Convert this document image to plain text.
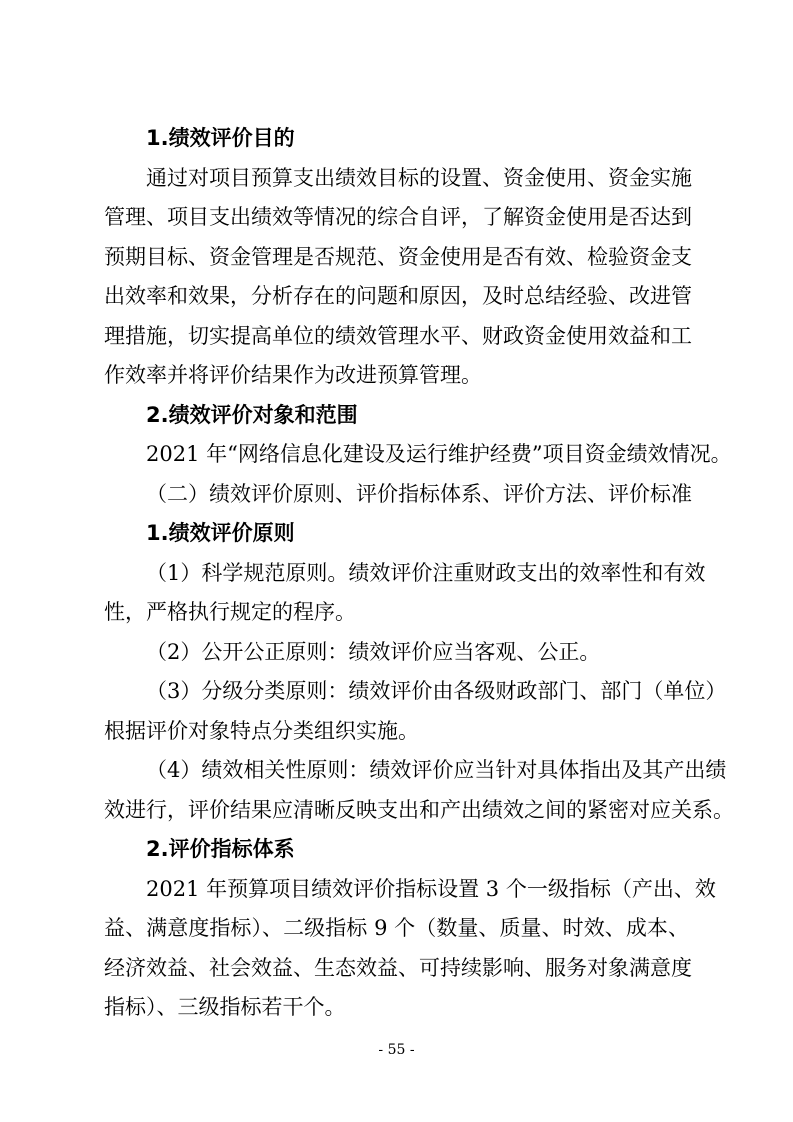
1.绩效评价目的
通过对项目预算支出绩效目标的设置、资金使用、资金实施
管理、项目支出绩效等情况的综合自评，了解资金使用是否达到
预期目标、资金管理是否规范、资金使用是否有效、检验资金支
出效率和效果，分析存在的问题和原因，及时总结经验、改进管
理措施，切实提高单位的绩效管理水平、财政资金使用效益和工
作效率并将评价结果作为改进预算管理。
2.绩效评价对象和范围
2021 年“网络信息化建设及运行维护经费”项目资金绩效情况。
（二）绩效评价原则、评价指标体系、评价方法、评价标准
1.绩效评价原则
（1）科学规范原则。绩效评价注重财政支出的效率性和有效
性，严格执行规定的程序。
（2）公开公正原则：绩效评价应当客观、公正。
（3）分级分类原则：绩效评价由各级财政部门、部门（单位）
根据评价对象特点分类组织实施。
（4）绩效相关性原则：绩效评价应当针对具体指出及其产出绩
效进行，评价结果应清晰反映支出和产出绩效之间的紧密对应关系。
2.评价指标体系
2021 年预算项目绩效评价指标设置 3 个一级指标（产出、效
益、满意度指标）、二级指标 9 个（数量、质量、时效、成本、
经济效益、社会效益、生态效益、可持续影响、服务对象满意度
指标）、三级指标若干个。
- 55 -
